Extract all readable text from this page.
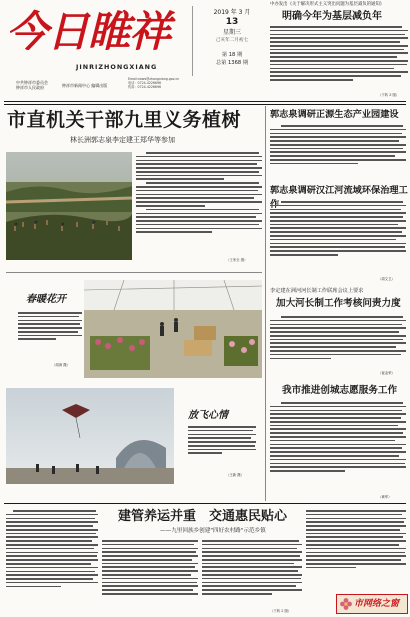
今日睢祥
JINRIZHONGXIANG
2019 年 3 月
13
星期三
己亥年二月初七
第 18 期
总第 1368 期
中共钟祥市委员会
钟祥市人民政府
钟祥市新闻中心 编辑出版
Email:news@zhongxiang.gov.cn
电话：0724-4226696
传真：0724-4226696
中办发出《关于解决形式主义突出问题为基层减负的通知》
明确今年为基层减负年
（下转 3 版）
市直机关干部九里义务植树
林长洲郭志泉李定建王郑华等参加
（王家全 摄）
郭志泉调研正源生态产业园建设
郭志泉调研汉江河流域环保治理工
（周文卫）
李定建在洲河河长制工作联席会议上要求
加大河长制工作考核问责力度
（崔金荣）
我市推进创城志愿服务工作
（黄军）
春暖花开
（周涛 摄）
放飞心情
（王新 摄）
建管养运并重　交通惠民贴心
——九里回族乡创建"四好农村路"示范乡镇
（下转 2 版）
市网络之窗
